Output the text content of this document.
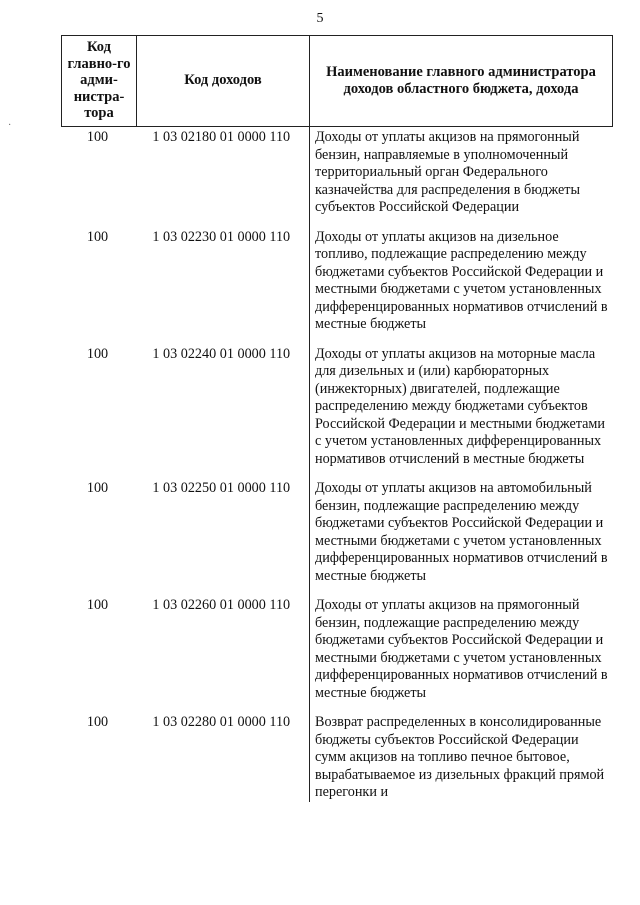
5
·
Код главно-го адми-нистра-тора	Код доходов	Наименование главного администратора доходов областного бюджета, дохода
100	1 03 02180 01 0000 110	Доходы от уплаты акцизов на прямогонный бензин, направляемые в уполномоченный территориальный орган Федерального казначейства для распределения в бюджеты субъектов Российской Федерации
100	1 03 02230 01 0000 110	Доходы от уплаты акцизов на дизельное топливо, подлежащие распределению между бюджетами субъектов Российской Федерации и местными бюджетами с учетом установленных дифференцированных нормативов отчислений в местные бюджеты
100	1 03 02240 01 0000 110	Доходы от уплаты акцизов на моторные масла для дизельных и (или) карбюраторных (инжекторных) двигателей, подлежащие распределению между бюджетами субъектов Российской Федерации и местными бюджетами с учетом установленных дифференцированных нормативов отчислений в местные бюджеты
100	1 03 02250 01 0000 110	Доходы от уплаты акцизов на автомобильный бензин, подлежащие распределению между бюджетами субъектов Российской Федерации и местными бюджетами с учетом установленных дифференцированных нормативов отчислений в местные бюджеты
100	1 03 02260 01 0000 110	Доходы от уплаты акцизов на прямогонный бензин, подлежащие распределению между бюджетами субъектов Российской Федерации и местными бюджетами с учетом установленных дифференцированных нормативов отчислений в местные бюджеты
100	1 03 02280 01 0000 110	Возврат распределенных в консолидированные бюджеты субъектов Российской Федерации сумм акцизов на топливо печное бытовое, вырабатываемое из дизельных фракций прямой перегонки и
